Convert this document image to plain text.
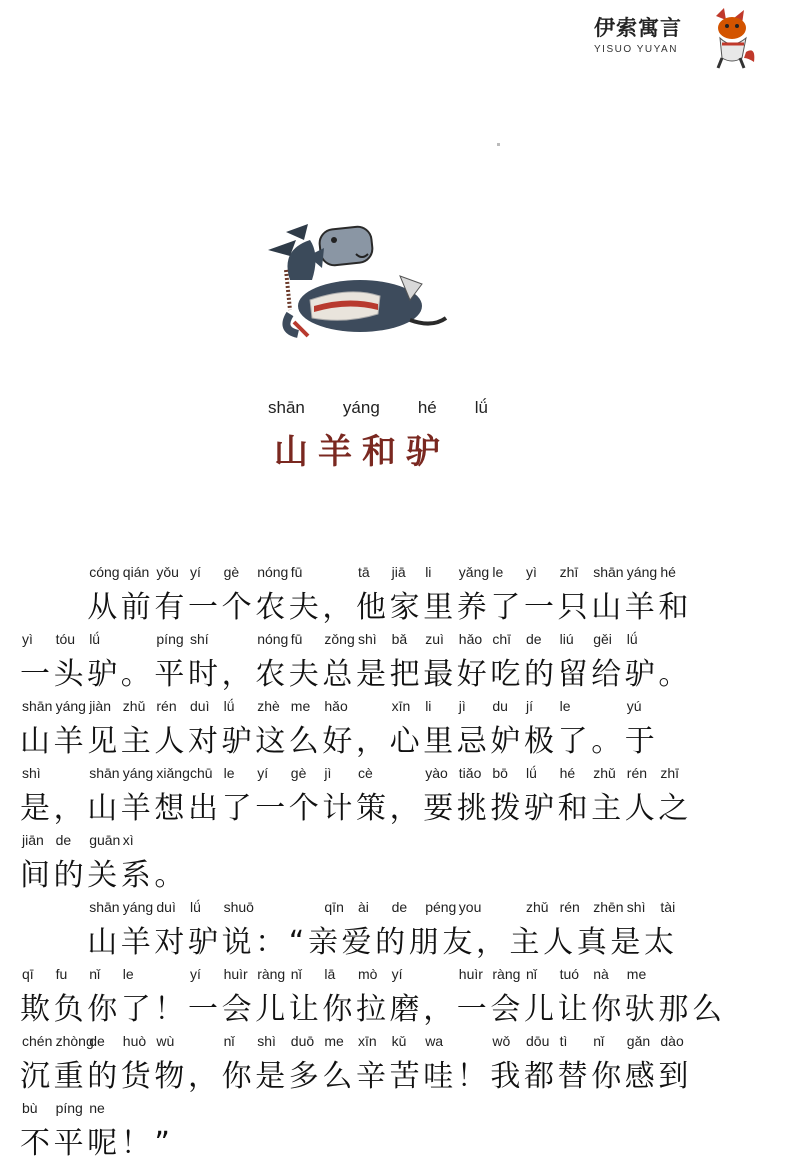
伊索寓言
YISUO YUYAN
shān yáng hé lǘ
山羊和驴
cóng qián yǒu yí gè nóng fū	tā jiā li yǎng le yì zhī shān yáng hé
　　从前有一个农夫，他家里养了一只山羊和
yì tóu lǘ	píng shí	nóng fū zǒng shì bǎ zuì hǎo chī de liú gěi lǘ
一头驴。平时，农夫总是把最好吃的留给驴。
shān yáng jiàn zhǔ rén duì lǘ zhè me hǎo	xīn li jì du jí le	yú
山羊见主人对驴这么好，心里忌妒极了。于
shì	shān yáng xiǎng chū le yí gè jì cè	yào tiǎo bō lǘ hé zhǔ rén zhī
是，山羊想出了一个计策，要挑拨驴和主人之
jiān de guān xì
间的关系。
shān yáng duì lǘ shuō	qīn ài de péng you	zhǔ rén zhēn shì tài
　　山羊对驴说：“亲爱的朋友，主人真是太
qī fu nǐ le	yí huìr ràng nǐ lā mò yí	huìr ràng nǐ tuó nà me
欺负你了！一会儿让你拉磨，一会儿让你驮那么
chén zhòng
de huò wù	nǐ shì duō me xīn kǔ wa	wǒ dōu tì nǐ gǎn dào
沉重的货物，你是多么辛苦哇！我都替你感到
bù píng ne
不平呢！”
